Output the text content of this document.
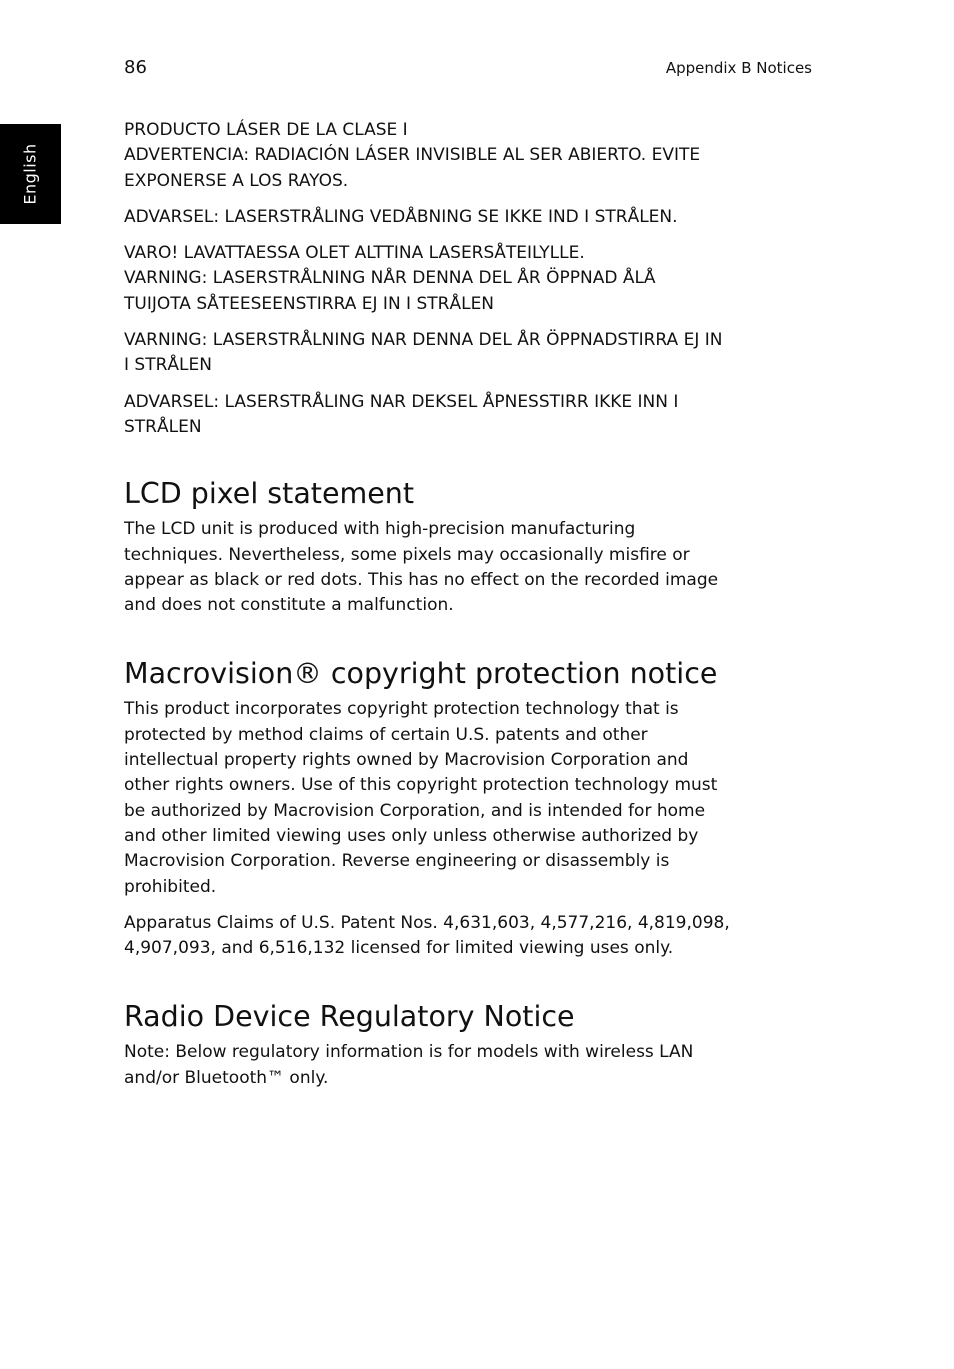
86	Appendix B Notices
English
PRODUCTO LÁSER DE LA CLASE I
ADVERTENCIA: RADIACIÓN LÁSER INVISIBLE AL SER ABIERTO. EVITE
EXPONERSE A LOS RAYOS.
ADVARSEL: LASERSTRÅLING VEDÅBNING SE IKKE IND I STRÅLEN.
VARO! LAVATTAESSA OLET ALTTINA LASERSÅTEILYLLE.
VARNING: LASERSTRÅLNING NÅR DENNA DEL ÅR ÖPPNAD ÅLÅ
TUIJOTA SÅTEESEENSTIRRA EJ IN I STRÅLEN
VARNING: LASERSTRÅLNING NAR DENNA DEL ÅR ÖPPNADSTIRRA EJ IN
I STRÅLEN
ADVARSEL: LASERSTRÅLING NAR DEKSEL ÅPNESSTIRR IKKE INN I
STRÅLEN
LCD pixel statement
The LCD unit is produced with high-precision manufacturing
techniques. Nevertheless, some pixels may occasionally misfire or
appear as black or red dots. This has no effect on the recorded image
and does not constitute a malfunction.
Macrovision® copyright protection notice
This product incorporates copyright protection technology that is
protected by method claims of certain U.S. patents and other
intellectual property rights owned by Macrovision Corporation and
other rights owners. Use of this copyright protection technology must
be authorized by Macrovision Corporation, and is intended for home
and other limited viewing uses only unless otherwise authorized by
Macrovision Corporation. Reverse engineering or disassembly is
prohibited.
Apparatus Claims of U.S. Patent Nos. 4,631,603, 4,577,216, 4,819,098,
4,907,093, and 6,516,132 licensed for limited viewing uses only.
Radio Device Regulatory Notice
Note: Below regulatory information is for models with wireless LAN
and/or Bluetooth™ only.
